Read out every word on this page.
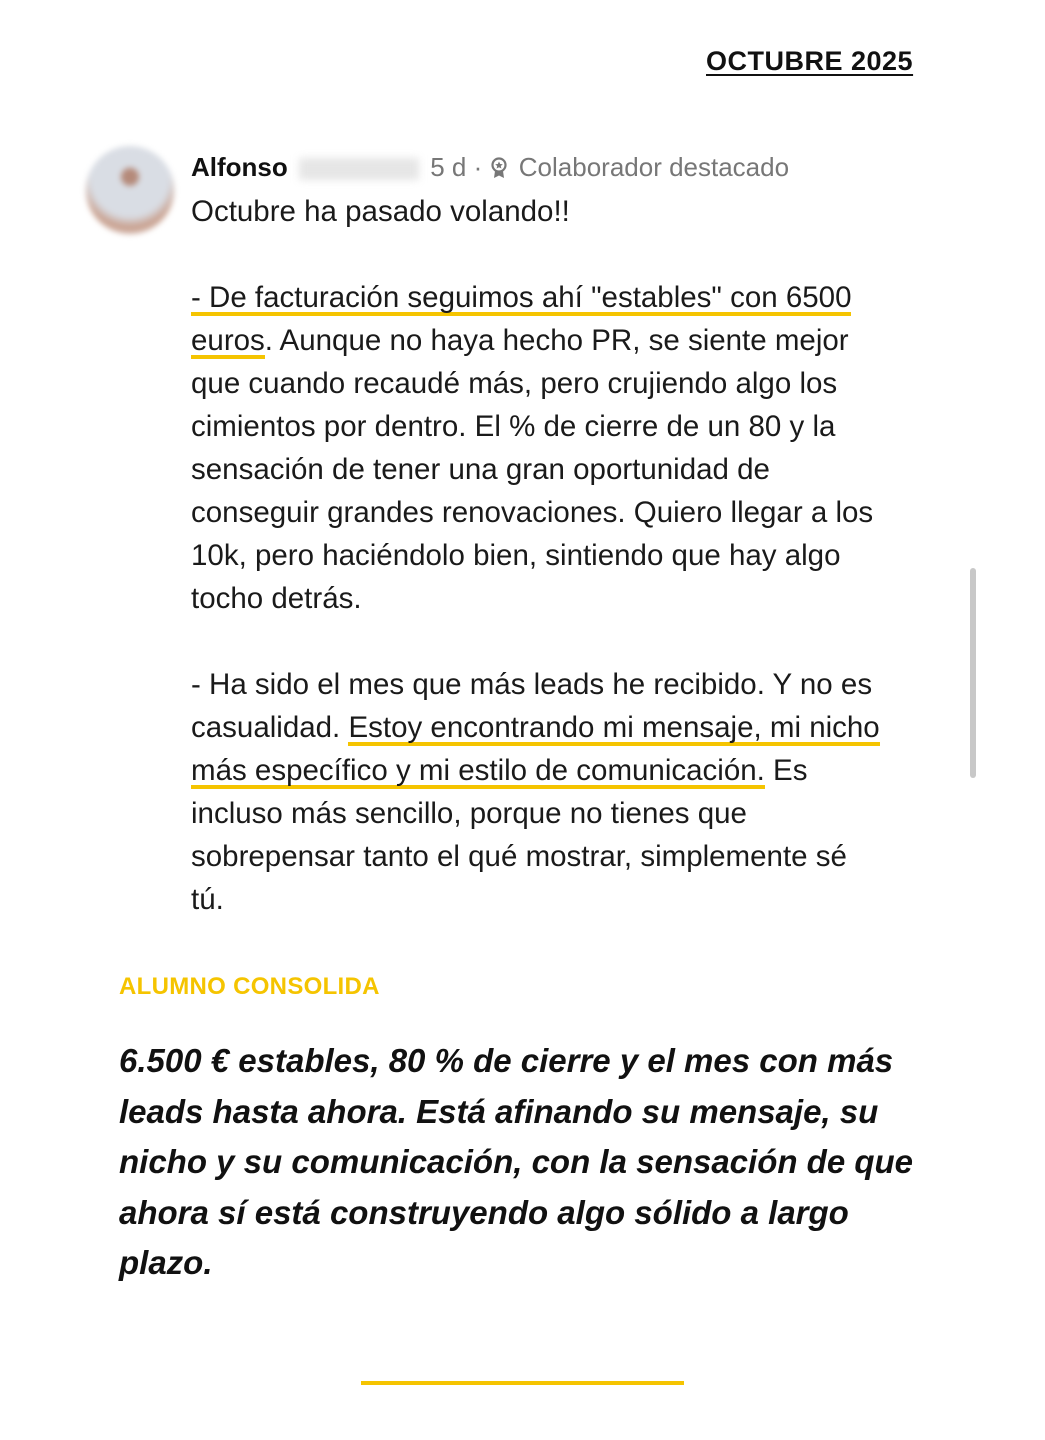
OCTUBRE 2025
Alfonso	5 d · Colaborador destacado
Octubre ha pasado volando!!
- De facturación seguimos ahí "estables" con 6500
euros. Aunque no haya hecho PR, se siente mejor
que cuando recaudé más, pero crujiendo algo los
cimientos por dentro. El % de cierre de un 80 y la
sensación de tener una gran oportunidad de
conseguir grandes renovaciones. Quiero llegar a los
10k, pero haciéndolo bien, sintiendo que hay algo
tocho detrás.
- Ha sido el mes que más leads he recibido. Y no es
casualidad. Estoy encontrando mi mensaje, mi nicho
más específico y mi estilo de comunicación. Es
incluso más sencillo, porque no tienes que
sobrepensar tanto el qué mostrar, simplemente sé
tú.
ALUMNO CONSOLIDA
6.500 € estables, 80 % de cierre y el mes con más leads hasta ahora. Está afinando su mensaje, su nicho y su comunicación, con la sensación de que ahora sí está construyendo algo sólido a largo plazo.
